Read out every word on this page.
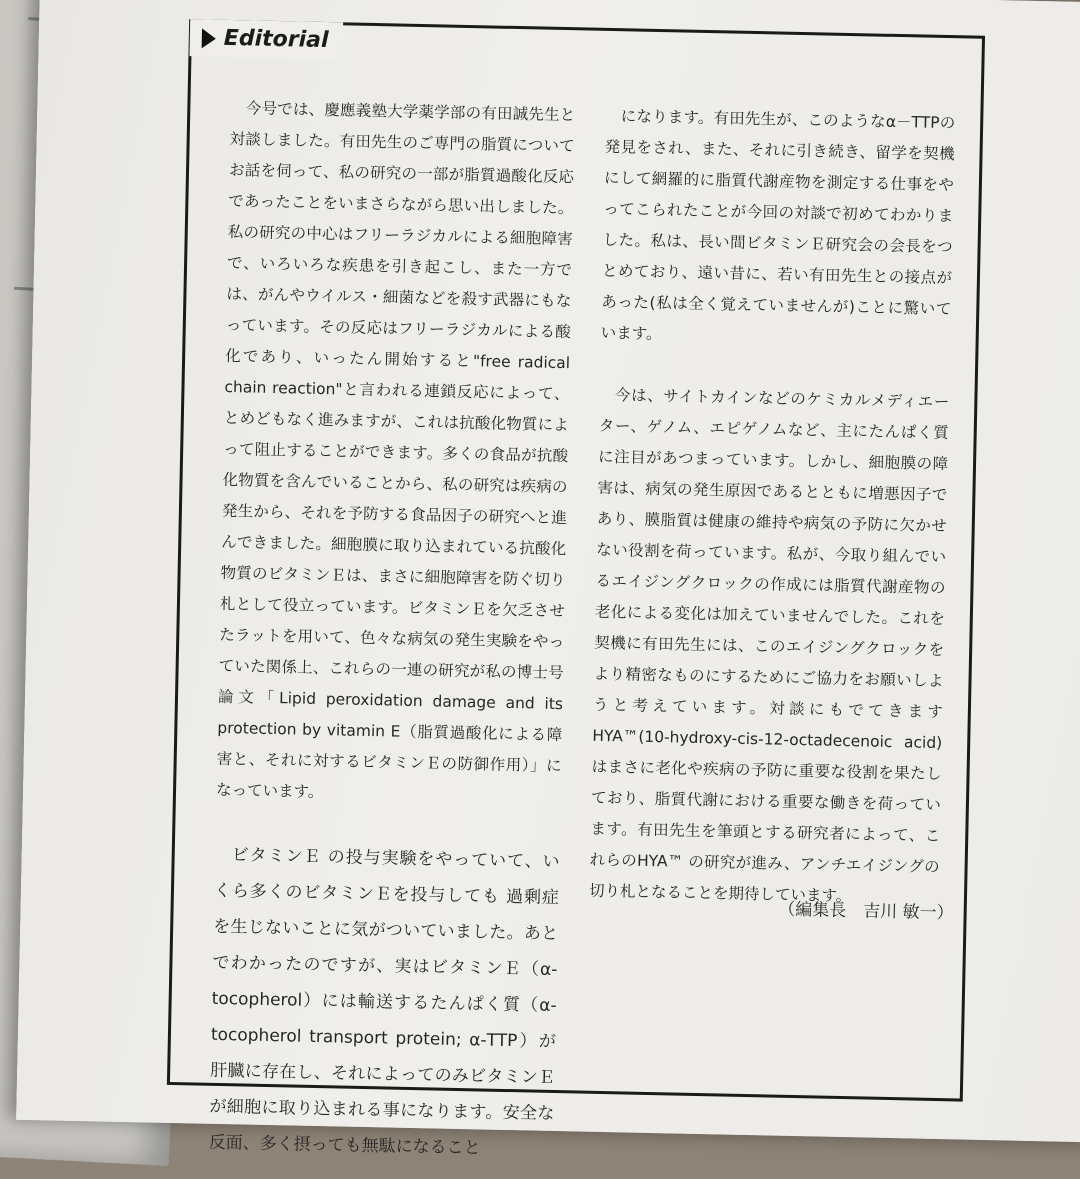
Editorial

今号では、慶應義塾大学薬学部の有田誠先生と対談しました。有田先生のご専門の脂質についてお話を伺って、私の研究の一部が脂質過酸化反応であったことをいまさらながら思い出しました。私の研究の中心はフリーラジカルによる細胞障害で、いろいろな疾患を引き起こし、また一方では、がんやウイルス・細菌などを殺す武器にもなっています。その反応はフリーラジカルによる酸化であり、いったん開始すると"free radical chain reaction"と言われる連鎖反応によって、とめどもなく進みますが、これは抗酸化物質によって阻止することができます。多くの食品が抗酸化物質を含んでいることから、私の研究は疾病の発生から、それを予防する食品因子の研究へと進んできました。細胞膜に取り込まれている抗酸化物質のビタミンＥは、まさに細胞障害を防ぐ切り札として役立っています。ビタミンＥを欠乏させたラットを用いて、色々な病気の発生実験をやっていた関係上、これらの一連の研究が私の博士号論文「Lipid peroxidation damage and its protection by vitamin E（脂質過酸化による障害と、それに対するビタミンＥの防御作用）」になっています。

ビタミンＥ の投与実験をやっていて、いくら多くのビタミンＥを投与しても 過剰症を生じないことに気がついていました。あとでわかったのですが、実はビタミンＥ（α-tocopherol）には輸送するたんぱく質（α-tocopherol transport protein; α-TTP）が肝臓に存在し、それによってのみビタミンＥが細胞に取り込まれる事になります。安全な反面、多く摂っても無駄になること

になります。有田先生が、このようなα－TTPの発見をされ、また、それに引き続き、留学を契機にして網羅的に脂質代謝産物を測定する仕事をやってこられたことが今回の対談で初めてわかりました。私は、長い間ビタミンＥ研究会の会長をつとめており、遠い昔に、若い有田先生との接点があった(私は全く覚えていませんが)ことに驚いています。

今は、サイトカインなどのケミカルメディエーター、ゲノム、エピゲノムなど、主にたんぱく質に注目があつまっています。しかし、細胞膜の障害は、病気の発生原因であるとともに増悪因子であり、膜脂質は健康の維持や病気の予防に欠かせない役割を荷っています。私が、今取り組んでいるエイジングクロックの作成には脂質代謝産物の老化による変化は加えていませんでした。これを契機に有田先生には、このエイジングクロックをより精密なものにするためにご協力をお願いしようと考えています。対談にもでてきますHYA™(10-hydroxy-cis-12-octadecenoic acid)はまさに老化や疾病の予防に重要な役割を果たしており、脂質代謝における重要な働きを荷っています。有田先生を筆頭とする研究者によって、これらのHYA™ の研究が進み、アンチエイジングの切り札となることを期待しています。

（編集長　吉川 敏一）
